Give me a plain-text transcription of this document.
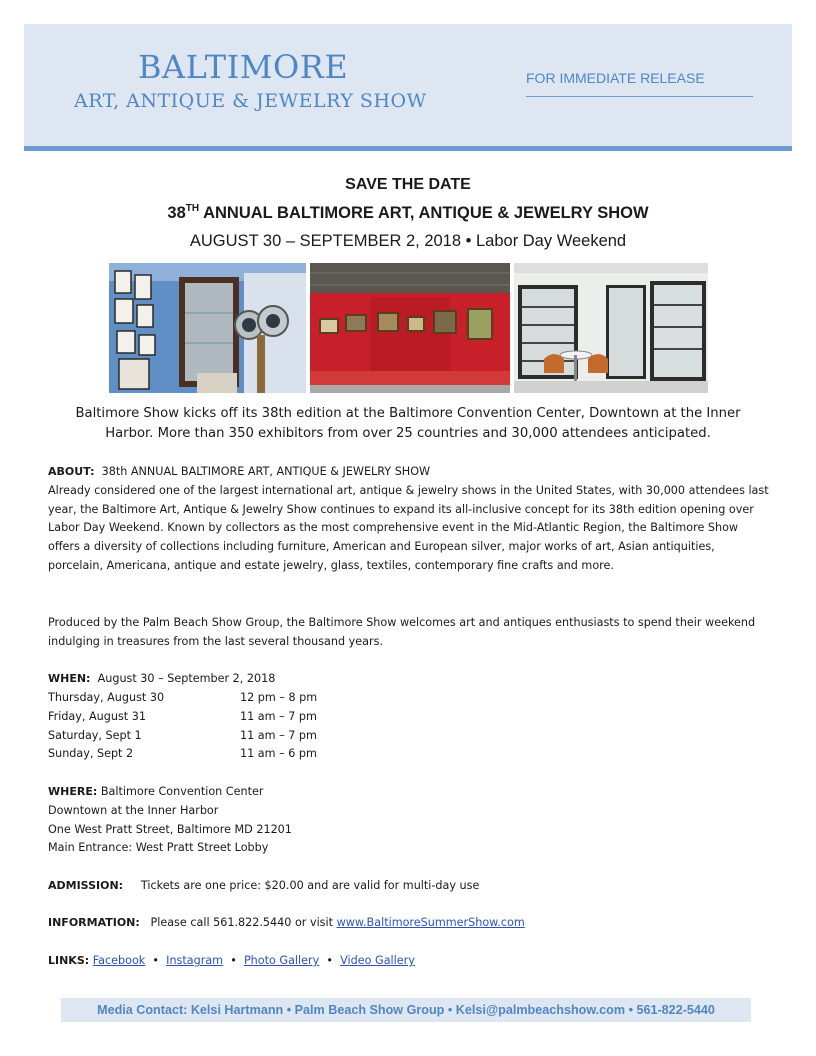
BALTIMORE
ART, ANTIQUE & JEWELRY SHOW
FOR IMMEDIATE RELEASE
SAVE THE DATE
38TH ANNUAL BALTIMORE ART, ANTIQUE & JEWELRY SHOW
AUGUST 30 – SEPTEMBER 2, 2018 • Labor Day Weekend
Baltimore Show kicks off its 38th edition at the Baltimore Convention Center, Downtown at the Inner Harbor. More than 350 exhibitors from over 25 countries and 30,000 attendees anticipated.
ABOUT: 38th ANNUAL BALTIMORE ART, ANTIQUE & JEWELRY SHOW
Already considered one of the largest international art, antique & jewelry shows in the United States, with 30,000 attendees last year, the Baltimore Art, Antique & Jewelry Show continues to expand its all-inclusive concept for its 38th edition opening over Labor Day Weekend. Known by collectors as the most comprehensive event in the Mid-Atlantic Region, the Baltimore Show offers a diversity of collections including furniture, American and European silver, major works of art, Asian antiquities, porcelain, Americana, antique and estate jewelry, glass, textiles, contemporary fine crafts and more.
Produced by the Palm Beach Show Group, the Baltimore Show welcomes art and antiques enthusiasts to spend their weekend indulging in treasures from the last several thousand years.
WHEN: August 30 – September 2, 2018
Thursday, August 30	12 pm – 8 pm
Friday, August 31	11 am – 7 pm
Saturday, Sept 1	11 am – 7 pm
Sunday, Sept 2	11 am – 6 pm
WHERE: Baltimore Convention Center
Downtown at the Inner Harbor
One West Pratt Street, Baltimore MD 21201
Main Entrance: West Pratt Street Lobby
ADMISSION: Tickets are one price: $20.00 and are valid for multi-day use
INFORMATION: Please call 561.822.5440 or visit www.BaltimoreSummerShow.com
LINKS: Facebook • Instagram • Photo Gallery • Video Gallery
Media Contact: Kelsi Hartmann • Palm Beach Show Group • Kelsi@palmbeachshow.com • 561-822-5440
